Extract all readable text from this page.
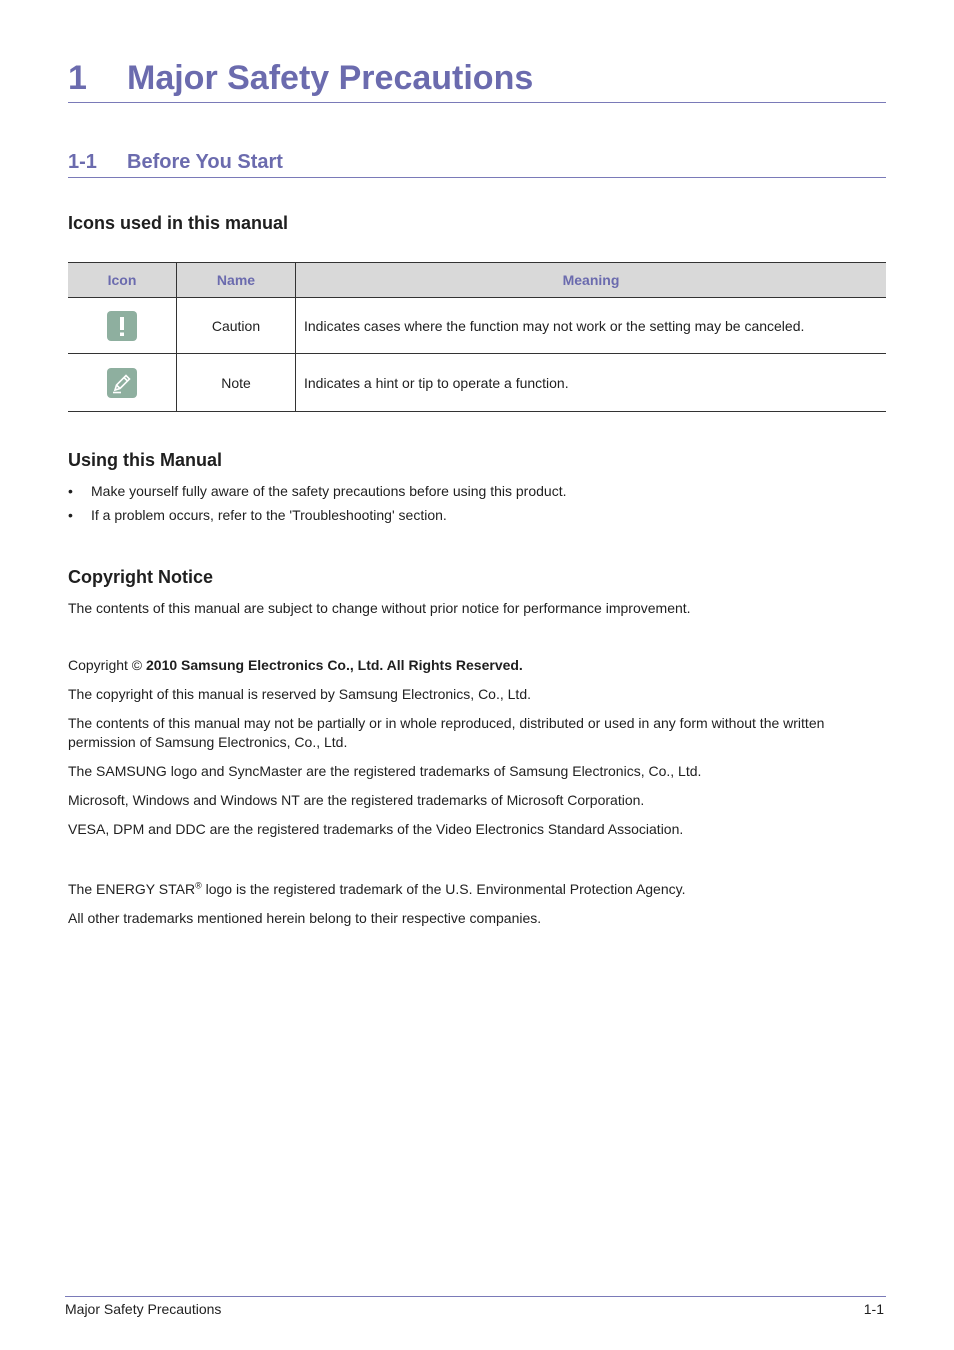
1 Major Safety Precautions
1-1 Before You Start
Icons used in this manual
Icon	Name	Meaning

	Caution	Indicates cases where the function may not work or the setting may be canceled.

	Note	Indicates a hint or tip to operate a function.
Using this Manual
• Make yourself fully aware of the safety precautions before using this product.
• If a problem occurs, refer to the 'Troubleshooting' section.
Copyright Notice
The contents of this manual are subject to change without prior notice for performance improvement.
Copyright © 2010 Samsung Electronics Co., Ltd. All Rights Reserved.
The copyright of this manual is reserved by Samsung Electronics, Co., Ltd.
The contents of this manual may not be partially or in whole reproduced, distributed or used in any form without the written permission of Samsung Electronics, Co., Ltd.
The SAMSUNG logo and SyncMaster are the registered trademarks of Samsung Electronics, Co., Ltd.
Microsoft, Windows and Windows NT are the registered trademarks of Microsoft Corporation.
VESA, DPM and DDC are the registered trademarks of the Video Electronics Standard Association.
The ENERGY STAR® logo is the registered trademark of the U.S. Environmental Protection Agency.
All other trademarks mentioned herein belong to their respective companies.
Major Safety Precautions	1-1
